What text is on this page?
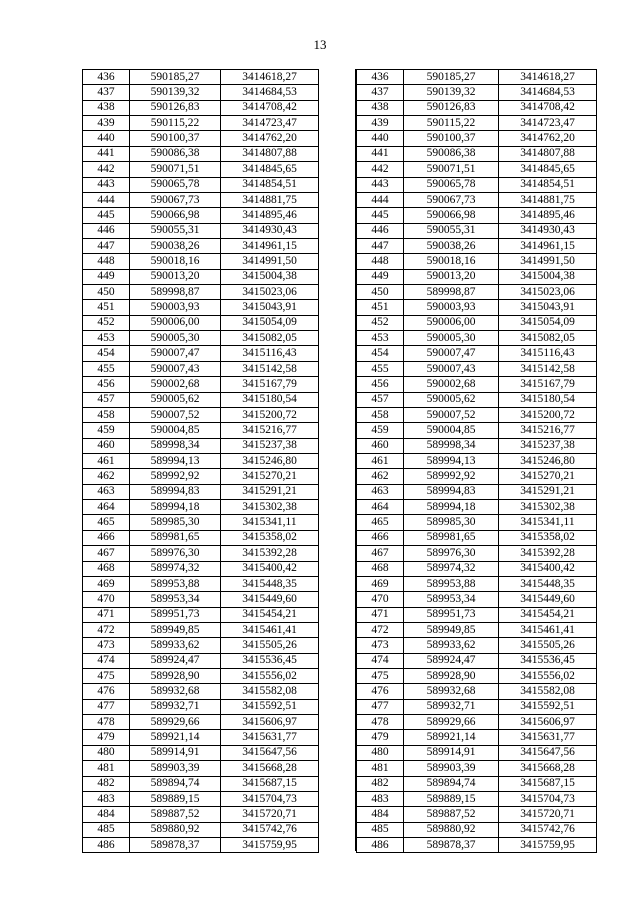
13
436	590185,27	3414618,27
437	590139,32	3414684,53
438	590126,83	3414708,42
439	590115,22	3414723,47
440	590100,37	3414762,20
441	590086,38	3414807,88
442	590071,51	3414845,65
443	590065,78	3414854,51
444	590067,73	3414881,75
445	590066,98	3414895,46
446	590055,31	3414930,43
447	590038,26	3414961,15
448	590018,16	3414991,50
449	590013,20	3415004,38
450	589998,87	3415023,06
451	590003,93	3415043,91
452	590006,00	3415054,09
453	590005,30	3415082,05
454	590007,47	3415116,43
455	590007,43	3415142,58
456	590002,68	3415167,79
457	590005,62	3415180,54
458	590007,52	3415200,72
459	590004,85	3415216,77
460	589998,34	3415237,38
461	589994,13	3415246,80
462	589992,92	3415270,21
463	589994,83	3415291,21
464	589994,18	3415302,38
465	589985,30	3415341,11
466	589981,65	3415358,02
467	589976,30	3415392,28
468	589974,32	3415400,42
469	589953,88	3415448,35
470	589953,34	3415449,60
471	589951,73	3415454,21
472	589949,85	3415461,41
473	589933,62	3415505,26
474	589924,47	3415536,45
475	589928,90	3415556,02
476	589932,68	3415582,08
477	589932,71	3415592,51
478	589929,66	3415606,97
479	589921,14	3415631,77
480	589914,91	3415647,56
481	589903,39	3415668,28
482	589894,74	3415687,15
483	589889,15	3415704,73
484	589887,52	3415720,71
485	589880,92	3415742,76
486	589878,37	3415759,95
436	590185,27	3414618,27
437	590139,32	3414684,53
438	590126,83	3414708,42
439	590115,22	3414723,47
440	590100,37	3414762,20
441	590086,38	3414807,88
442	590071,51	3414845,65
443	590065,78	3414854,51
444	590067,73	3414881,75
445	590066,98	3414895,46
446	590055,31	3414930,43
447	590038,26	3414961,15
448	590018,16	3414991,50
449	590013,20	3415004,38
450	589998,87	3415023,06
451	590003,93	3415043,91
452	590006,00	3415054,09
453	590005,30	3415082,05
454	590007,47	3415116,43
455	590007,43	3415142,58
456	590002,68	3415167,79
457	590005,62	3415180,54
458	590007,52	3415200,72
459	590004,85	3415216,77
460	589998,34	3415237,38
461	589994,13	3415246,80
462	589992,92	3415270,21
463	589994,83	3415291,21
464	589994,18	3415302,38
465	589985,30	3415341,11
466	589981,65	3415358,02
467	589976,30	3415392,28
468	589974,32	3415400,42
469	589953,88	3415448,35
470	589953,34	3415449,60
471	589951,73	3415454,21
472	589949,85	3415461,41
473	589933,62	3415505,26
474	589924,47	3415536,45
475	589928,90	3415556,02
476	589932,68	3415582,08
477	589932,71	3415592,51
478	589929,66	3415606,97
479	589921,14	3415631,77
480	589914,91	3415647,56
481	589903,39	3415668,28
482	589894,74	3415687,15
483	589889,15	3415704,73
484	589887,52	3415720,71
485	589880,92	3415742,76
486	589878,37	3415759,95
